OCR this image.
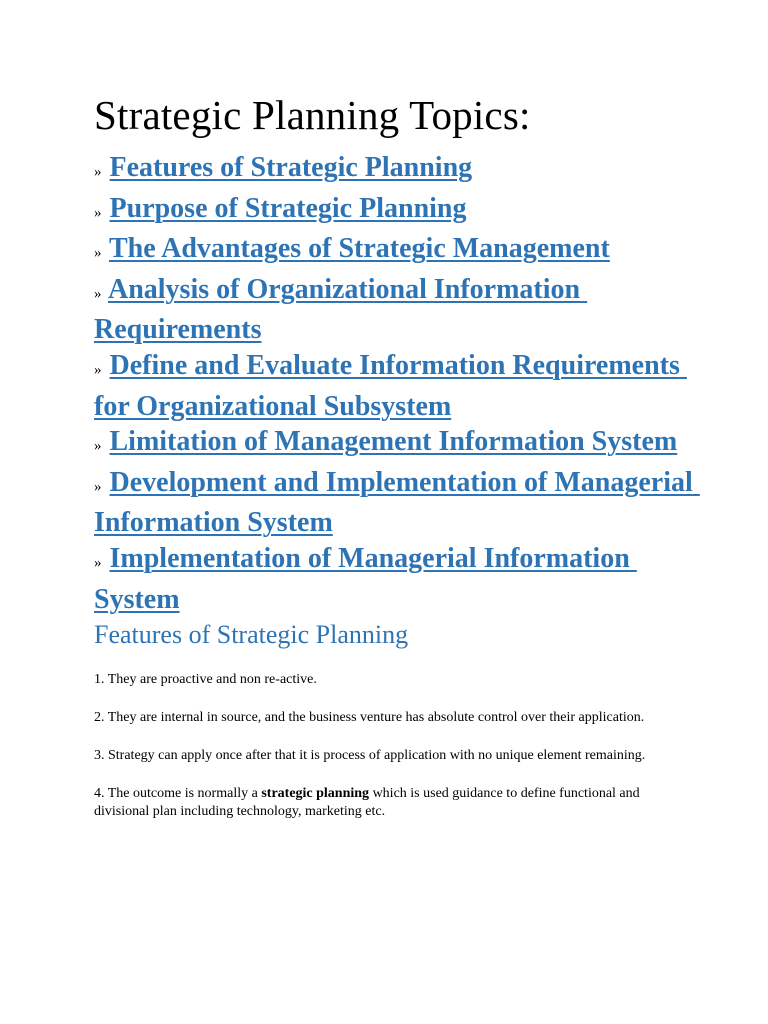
Strategic Planning Topics:
» Features of Strategic Planning
» Purpose of Strategic Planning
» The Advantages of Strategic Management
» Analysis of Organizational Information Requirements
» Define and Evaluate Information Requirements for Organizational Subsystem
» Limitation of Management Information System
» Development and Implementation of Managerial Information System
» Implementation of Managerial Information System
Features of Strategic Planning

1. They are proactive and non re-active.

2. They are internal in source, and the business venture has absolute control over their application.

3. Strategy can apply once after that it is process of application with no unique element remaining.

4. The outcome is normally a strategic planning which is used guidance to define functional and divisional plan including technology, marketing etc.
